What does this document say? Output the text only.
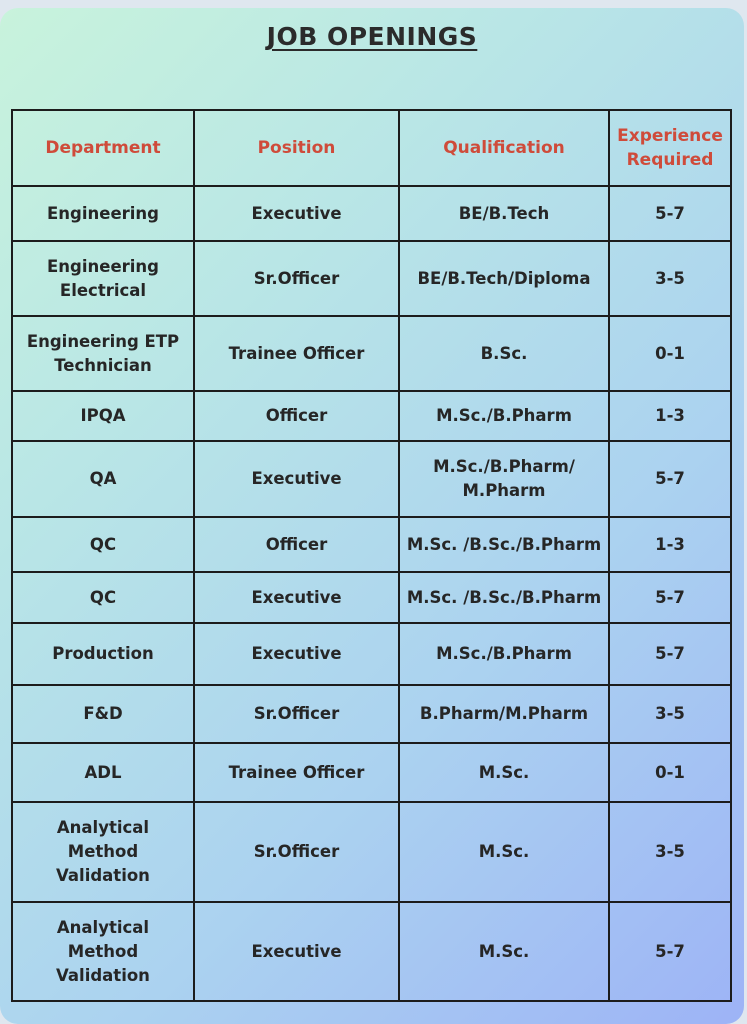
JOB OPENINGS
Department	Position	Qualification	Experience
Required

Engineering	Executive	BE/B.Tech	5-7

Engineering
Electrical	Sr.Officer	BE/B.Tech/Diploma	3-5

Engineering ETP
Technician	Trainee Officer	B.Sc.	0-1

IPQA	Officer	M.Sc./B.Pharm	1-3

QA	Executive	M.Sc./B.Pharm/
M.Pharm	5-7

QC	Officer	M.Sc. /B.Sc./B.Pharm	1-3

QC	Executive	M.Sc. /B.Sc./B.Pharm	5-7

Production	Executive	M.Sc./B.Pharm	5-7

F&D	Sr.Officer	B.Pharm/M.Pharm	3-5

ADL	Trainee Officer	M.Sc.	0-1

Analytical
Method
Validation	Sr.Officer	M.Sc.	3-5

Analytical
Method
Validation	Executive	M.Sc.	5-7
